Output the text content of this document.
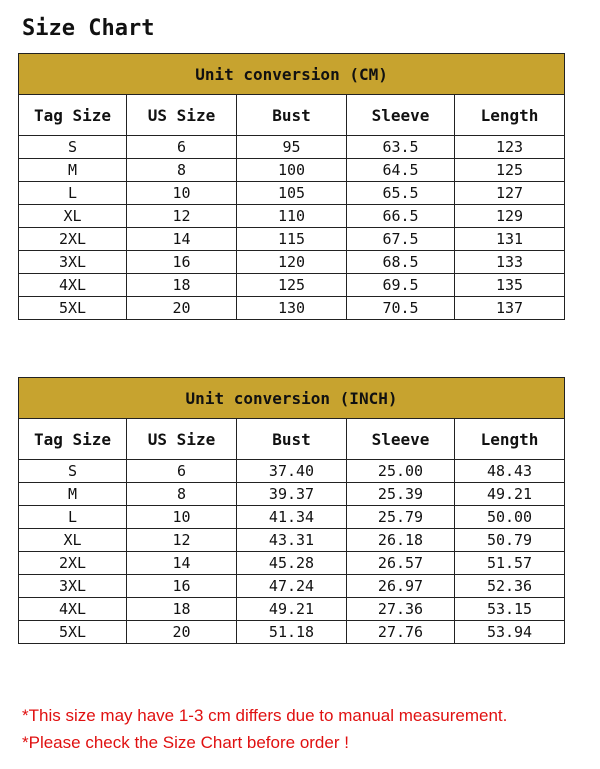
Size Chart
Unit conversion (CM)				
Tag Size	US Size	Bust	Sleeve	Length
S	6	95	63.5	123
M	8	100	64.5	125
L	10	105	65.5	127
XL	12	110	66.5	129
2XL	14	115	67.5	131
3XL	16	120	68.5	133
4XL	18	125	69.5	135
5XL	20	130	70.5	137
Unit conversion (INCH)				
Tag Size	US Size	Bust	Sleeve	Length
S	6	37.40	25.00	48.43
M	8	39.37	25.39	49.21
L	10	41.34	25.79	50.00
XL	12	43.31	26.18	50.79
2XL	14	45.28	26.57	51.57
3XL	16	47.24	26.97	52.36
4XL	18	49.21	27.36	53.15
5XL	20	51.18	27.76	53.94
*This size may have 1-3 cm differs due to manual measurement.
*Please check the Size Chart before order !
